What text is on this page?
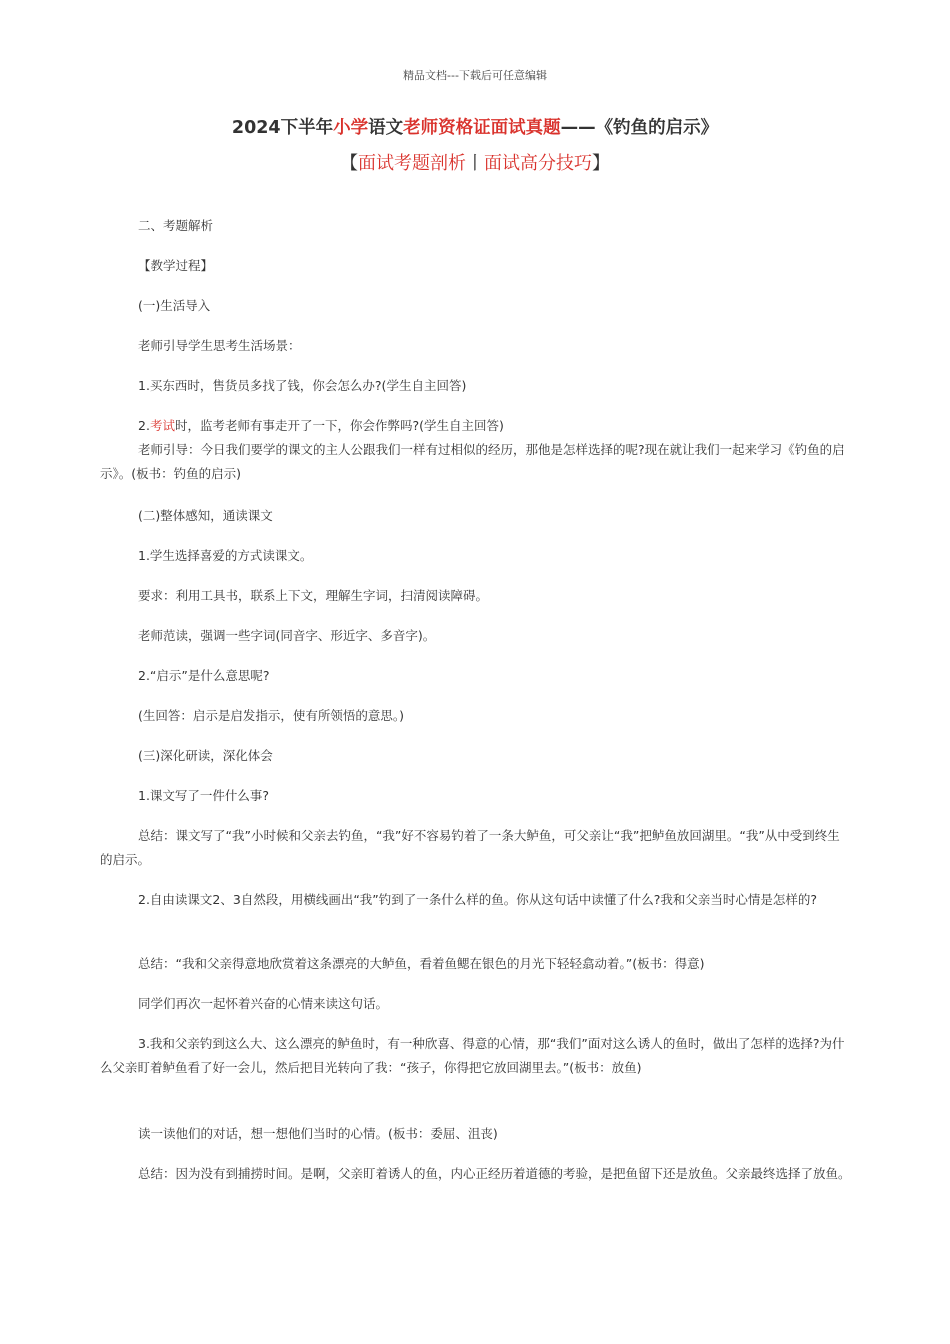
精品文档---下载后可任意编辑
2024下半年小学语文老师资格证面试真题——《钓鱼的启示》
【面试考题剖析丨面试高分技巧】
二、考题解析
【教学过程】
(一)生活导入
老师引导学生思考生活场景：
1.买东西时，售货员多找了钱，你会怎么办?(学生自主回答)
2.考试时，监考老师有事走开了一下，你会作弊吗?(学生自主回答)
老师引导：今日我们要学的课文的主人公跟我们一样有过相似的经历，那他是怎样选择的呢?现在就让我们一起来学习《钓鱼的启示》。(板书：钓鱼的启示)
(二)整体感知，通读课文
1.学生选择喜爱的方式读课文。
要求：利用工具书，联系上下文，理解生字词，扫清阅读障碍。
老师范读，强调一些字词(同音字、形近字、多音字)。
2.“启示”是什么意思呢?
(生回答：启示是启发指示，使有所领悟的意思。)
(三)深化研读，深化体会
1.课文写了一件什么事?
总结：课文写了“我”小时候和父亲去钓鱼，“我”好不容易钓着了一条大鲈鱼，可父亲让“我”把鲈鱼放回湖里。“我”从中受到终生的启示。
2.自由读课文2、3自然段，用横线画出“我”钓到了一条什么样的鱼。你从这句话中读懂了什么?我和父亲当时心情是怎样的?
总结：“我和父亲得意地欣赏着这条漂亮的大鲈鱼，看着鱼鳃在银色的月光下轻轻翕动着。”(板书：得意)
同学们再次一起怀着兴奋的心情来读这句话。
3.我和父亲钓到这么大、这么漂亮的鲈鱼时，有一种欣喜、得意的心情，那“我们”面对这么诱人的鱼时，做出了怎样的选择?为什么父亲盯着鲈鱼看了好一会儿，然后把目光转向了我：“孩子，你得把它放回湖里去。”(板书：放鱼)
读一读他们的对话，想一想他们当时的心情。(板书：委屈、沮丧)
总结：因为没有到捕捞时间。是啊，父亲盯着诱人的鱼，内心正经历着道德的考验，是把鱼留下还是放鱼。父亲最终选择了放鱼。
